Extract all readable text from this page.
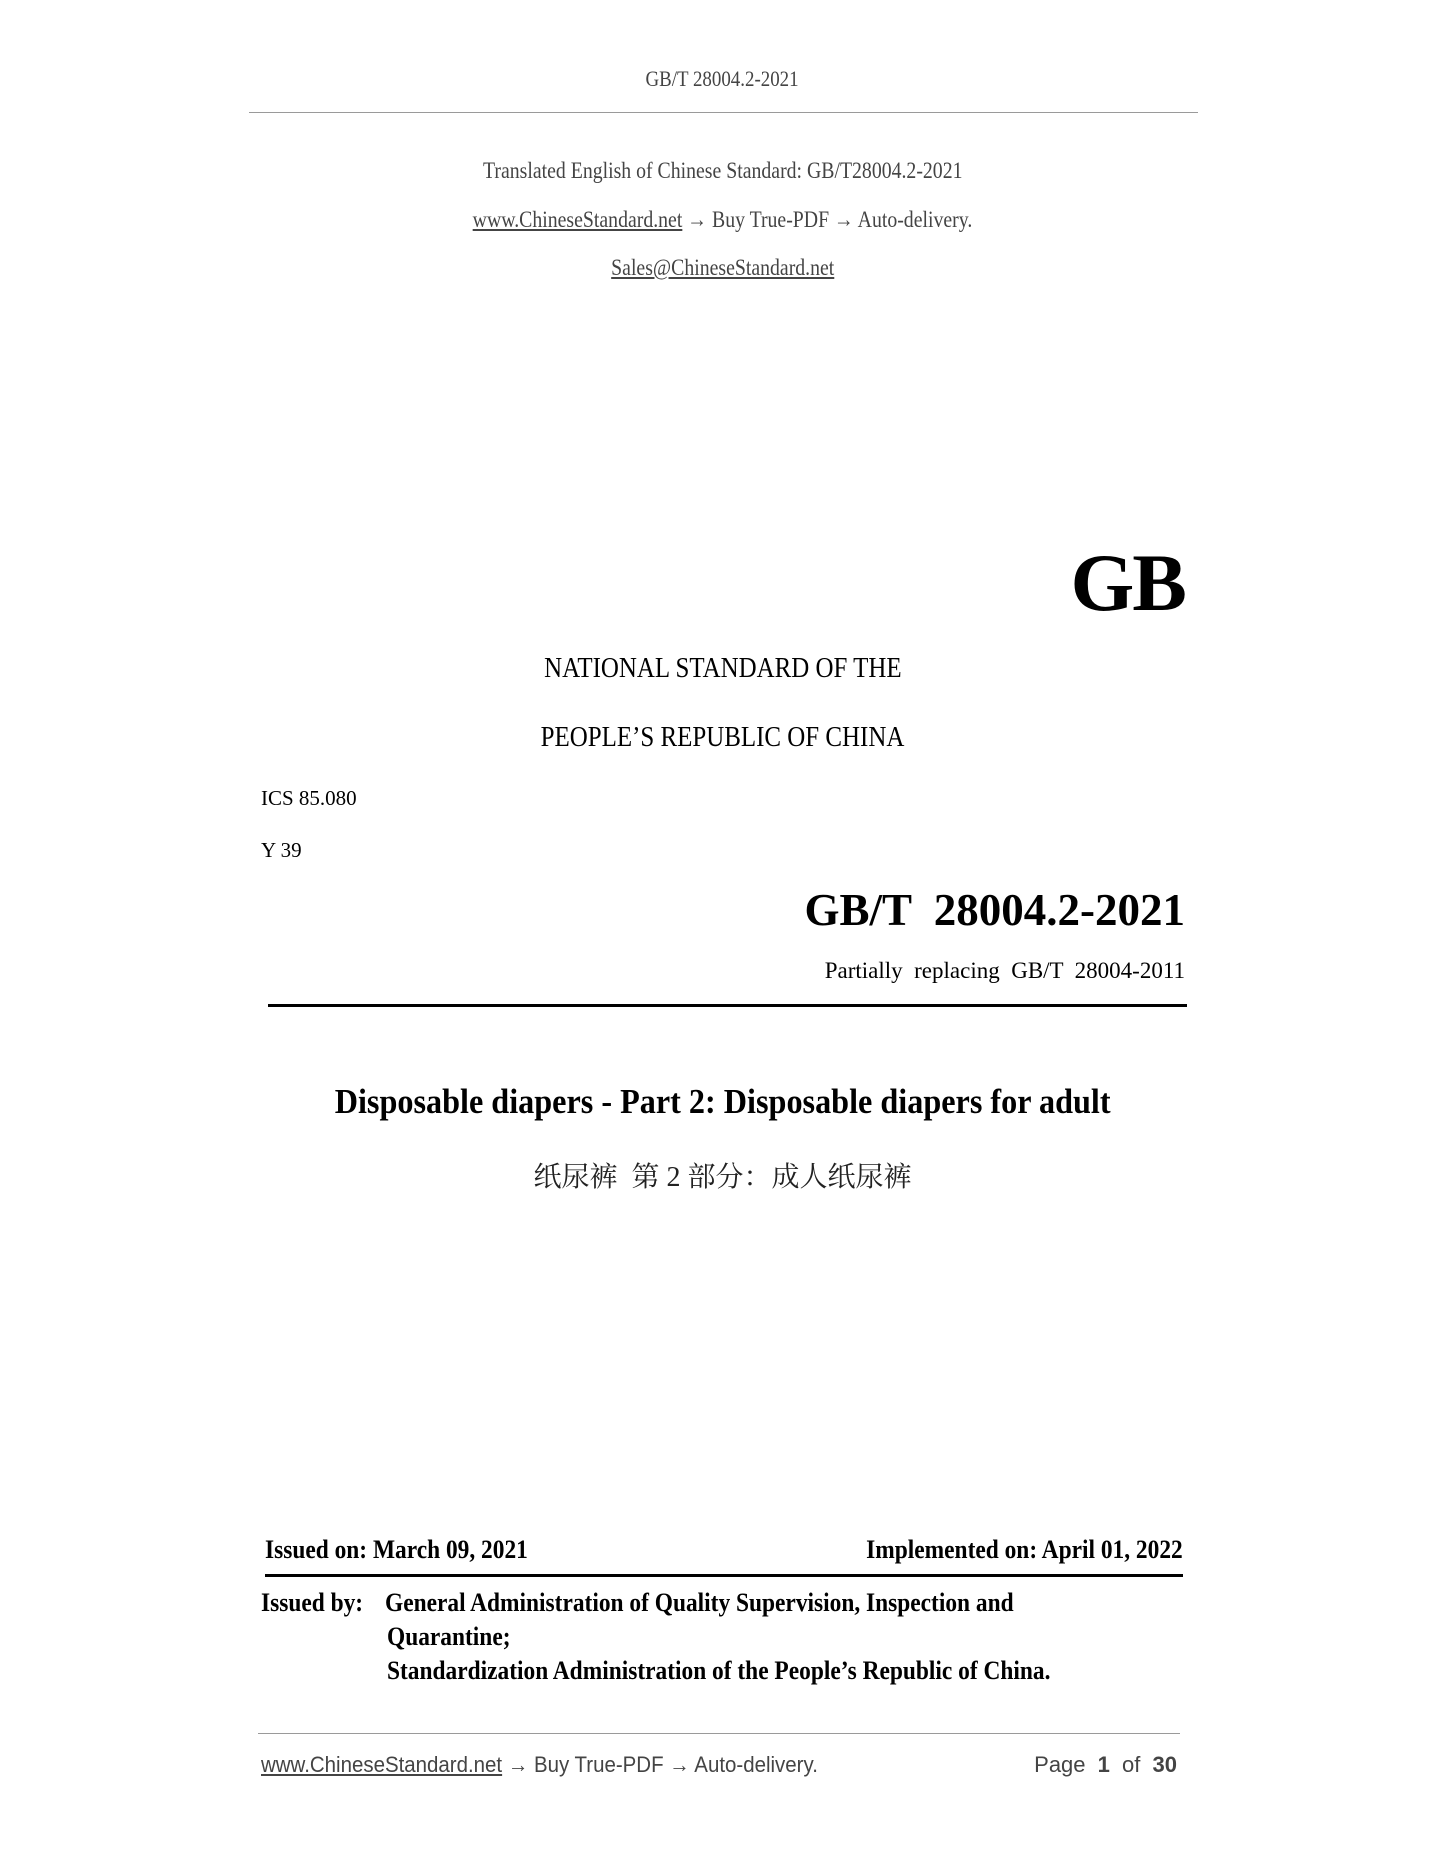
GB/T 28004.2-2021
Translated English of Chinese Standard: GB/T28004.2-2021
www.ChineseStandard.net → Buy True-PDF → Auto-delivery.
Sales@ChineseStandard.net
GB
NATIONAL STANDARD OF THE
PEOPLE’S REPUBLIC OF CHINA
ICS 85.080
Y 39
GB/T  28004.2-2021
Partially  replacing  GB/T  28004-2011
Disposable diapers - Part 2: Disposable diapers for adult
纸尿裤  第 2 部分：成人纸尿裤
Issued on: March 09, 2021	Implemented on: April 01, 2022
Issued by: General Administration of Quality Supervision, Inspection and
Quarantine;
Standardization Administration of the People’s Republic of China.
www.ChineseStandard.net → Buy True-PDF → Auto-delivery.	Page 1 of 30
